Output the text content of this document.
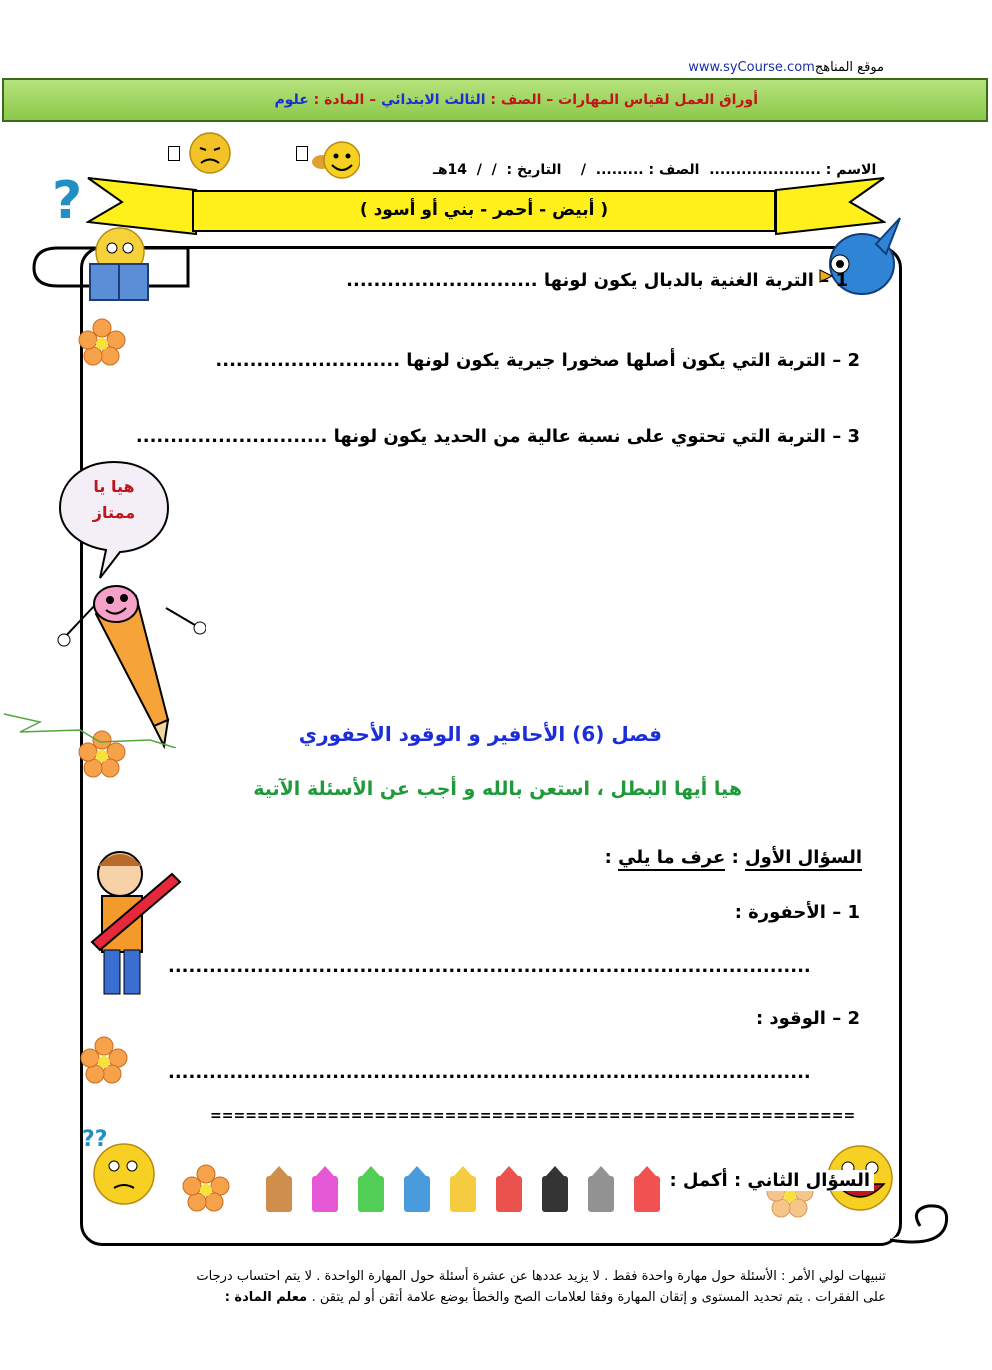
موقع المناهجwww.syCourse.com
أوراق العمل لقياس المهارات – الصف : الثالث الابتدائي – المادة : علوم

الاسم : .....................  الصف : .........  /    التاريخ :  /  /  14هـ

?	( أبيض - أحمر - بني أو أسود )
1 – التربة الغنية بالدبال يكون لونها ............................
2 – التربة التي يكون أصلها صخورا جيرية يكون لونها ...........................
3 – التربة التي تحتوي على نسبة عالية من الحديد يكون لونها ............................
هيا يا
ممتاز
فصل (6) الأحافير و الوقود الأحفوري
هيا أيها البطل ، استعن بالله و أجب عن الأسئلة الآتية
السؤال الأول : عرف ما يلي :
1 – الأحفورة :
..............................................................................................
2 – الوقود :
..............................................................................................
=======================================================
??
السؤال الثاني : أكمل :
تنبيهات لولي الأمر : الأسئلة حول مهارة واحدة فقط . لا يزيد عددها عن عشرة أسئلة حول المهارة الواحدة . لا يتم احتساب درجات
على الفقرات . يتم تحديد المستوى و إتقان المهارة وفقا لعلامات الصح والخطأ بوضع علامة أتقن أو لم يتقن . معلم المادة :
